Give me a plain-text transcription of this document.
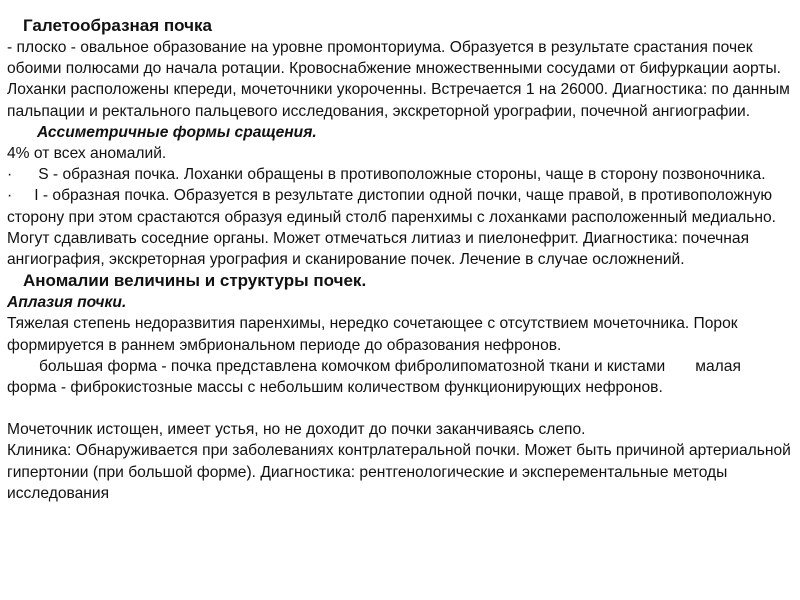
Галетообразная почка

- плоско - овальное образование на уровне промонториума. Образуется в результате срастания почек обоими полюсами до начала ротации. Кровоснабжение множественными сосудами от бифуркации аорты. Лоханки расположены кпереди, мочеточники укороченны. Встречается 1 на 26000. Диагностика: по данным пальпации и ректального пальцевого исследования, экскреторной урографии, почечной ангиографии.

Ассиметричные формы сращения.

4% от всех аномалий.

· S - образная почка. Лоханки обращены в противоположные стороны, чаще в сторону позвоночника.

· I - образная почка. Образуется в результате дистопии одной почки, чаще правой, в противоположную сторону при этом срастаются образуя единый столб паренхимы с лоханками расположенный медиально. Могут сдавливать соседние органы. Может отмечаться литиаз и пиелонефрит. Диагностика: почечная ангиография, экскреторная урография и сканирование почек. Лечение в случае осложнений.

Аномалии величины и структуры почек.
Аплазия почки.

Тяжелая степень недоразвития паренхимы, нередко сочетающее с отсутствием мочеточника. Порок формируется в раннем эмбриональном периоде до образования нефронов.

большая форма - почка представлена комочком фибролипоматозной ткани и кистами малая форма - фиброкистозные массы с небольшим количеством функционирующих нефронов.

Мочеточник истощен, имеет устья, но не доходит до почки заканчиваясь слепо.

Клиника: Обнаруживается при заболеваниях контрлатеральной почки. Может быть причиной артериальной гипертонии (при большой форме). Диагностика: рентгенологические и эксперементальные методы исследования
